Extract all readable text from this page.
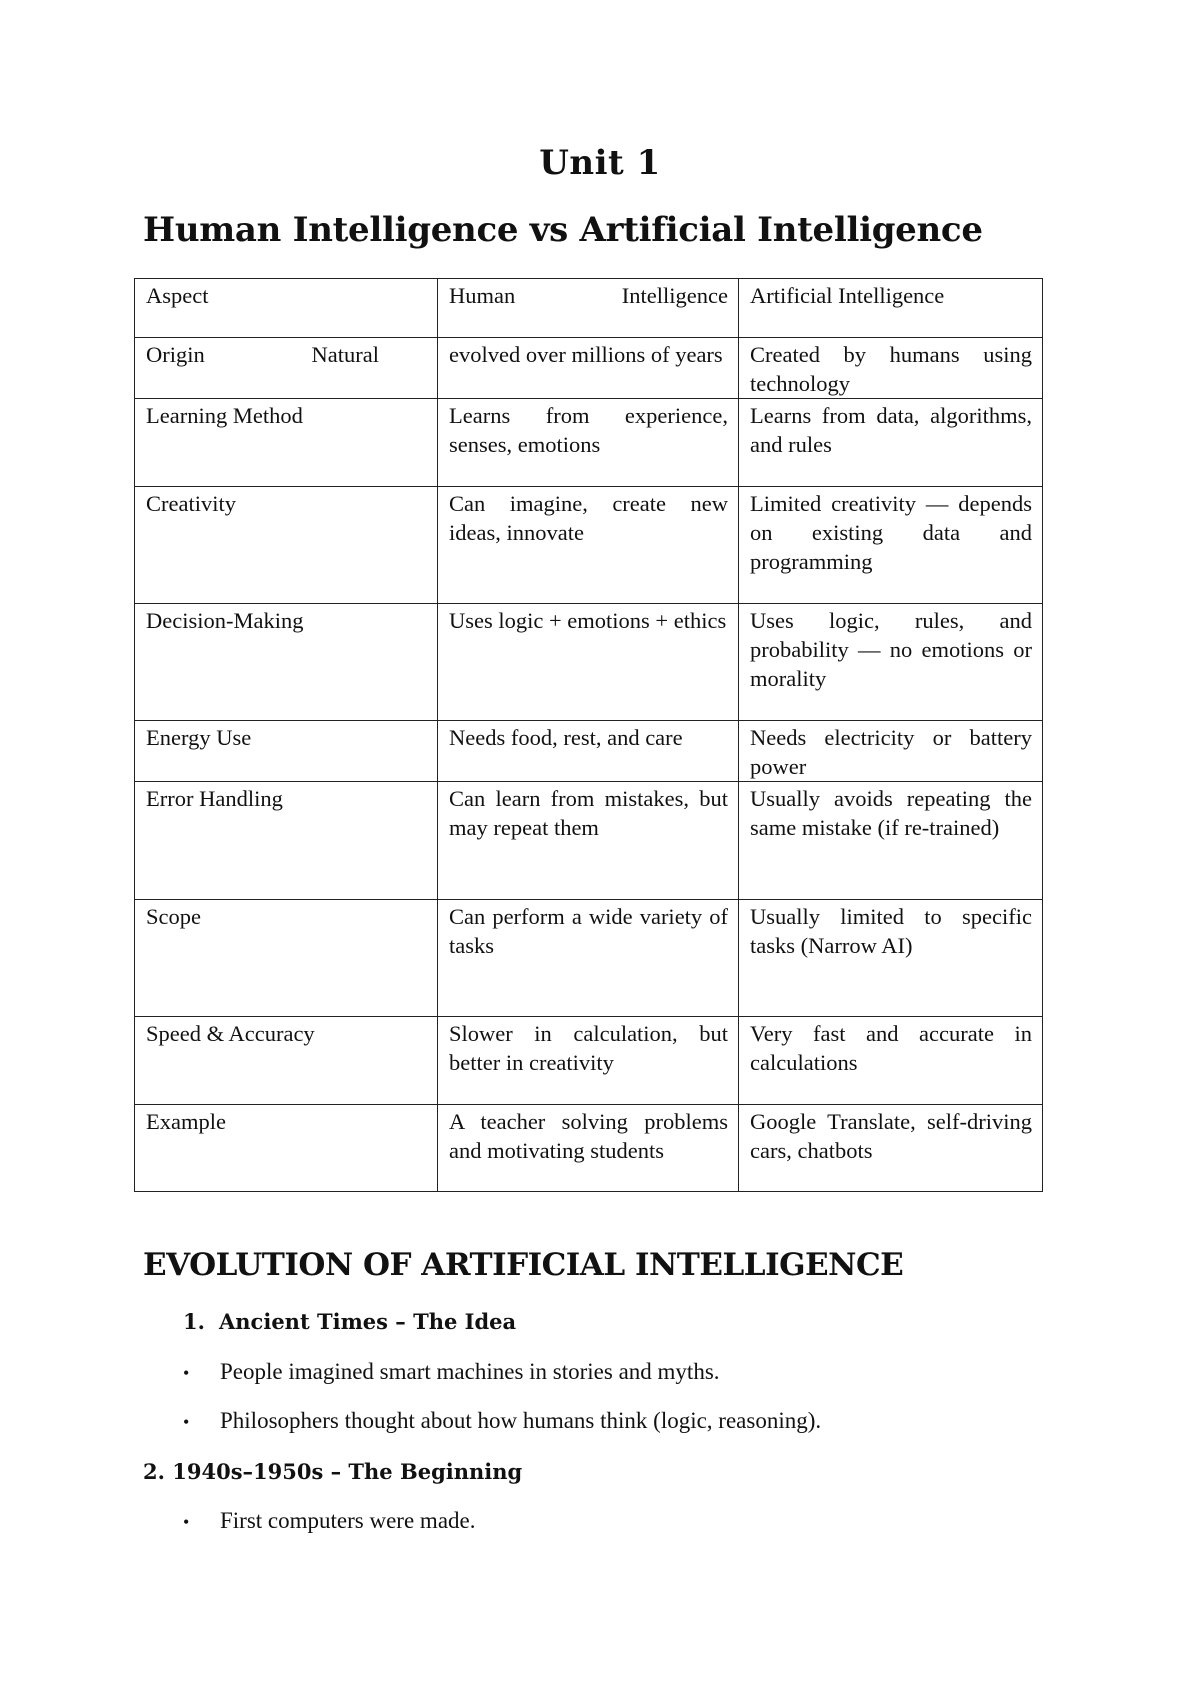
Unit 1
Human Intelligence vs Artificial Intelligence
Aspect	Human Intelligence	Artificial Intelligence

Origin Natural	evolved over millions of years	Created by humans using technology
Learning Method	Learns from experience, senses, emotions	Learns from data, algorithms, and rules
Creativity	Can imagine, create new ideas, innovate	Limited creativity — depends on existing data and programming
Decision-Making	Uses logic + emotions + ethics	Uses logic, rules, and probability — no emotions or morality
Energy Use	Needs food, rest, and care	Needs electricity or battery power
Error Handling	Can learn from mistakes, but may repeat them	Usually avoids repeating the same mistake (if re-trained)
Scope	Can perform a wide variety of tasks	Usually limited to specific tasks (Narrow AI)
Speed & Accuracy	Slower in calculation, but better in creativity	Very fast and accurate in calculations
Example	A teacher solving problems and motivating students	Google Translate, self-driving cars, chatbots
EVOLUTION OF ARTIFICIAL INTELLIGENCE
1. Ancient Times – The Idea
• People imagined smart machines in stories and myths.
• Philosophers thought about how humans think (logic, reasoning).
2. 1940s–1950s – The Beginning
• First computers were made.
